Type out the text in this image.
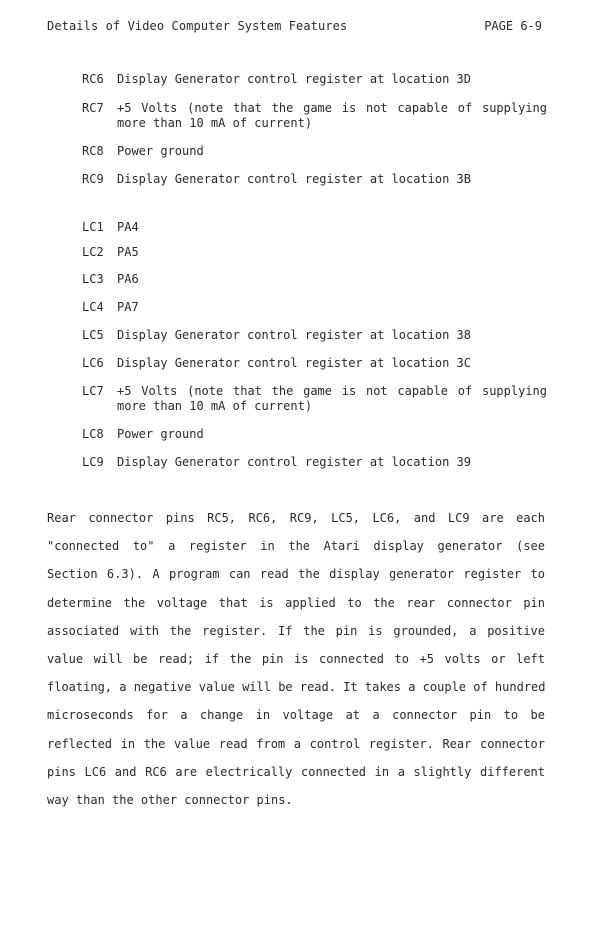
Details of Video Computer System Features	PAGE 6-9
RC6	Display Generator control register at location 3D
RC7	+5 Volts (note that the game is not capable of supplying
more than 10 mA of current)
RC8	Power ground
RC9	Display Generator control register at location 3B
LC1	PA4
LC2	PA5
LC3	PA6
LC4	PA7
LC5	Display Generator control register at location 38
LC6	Display Generator control register at location 3C
LC7	+5 Volts (note that the game is not capable of supplying
more than 10 mA of current)
LC8	Power ground
LC9	Display Generator control register at location 39
Rear connector pins RC5, RC6, RC9, LC5, LC6, and LC9 are each
"connected to" a register in the Atari display generator (see
Section 6.3). A program can read the display generator register to
determine the voltage that is applied to the rear connector pin
associated with the register. If the pin is grounded, a positive
value will be read; if the pin is connected to +5 volts or left
floating, a negative value will be read. It takes a couple of hundred
microseconds for a change in voltage at a connector pin to be
reflected in the value read from a control register. Rear connector
pins LC6 and RC6 are electrically connected in a slightly different
way than the other connector pins.
